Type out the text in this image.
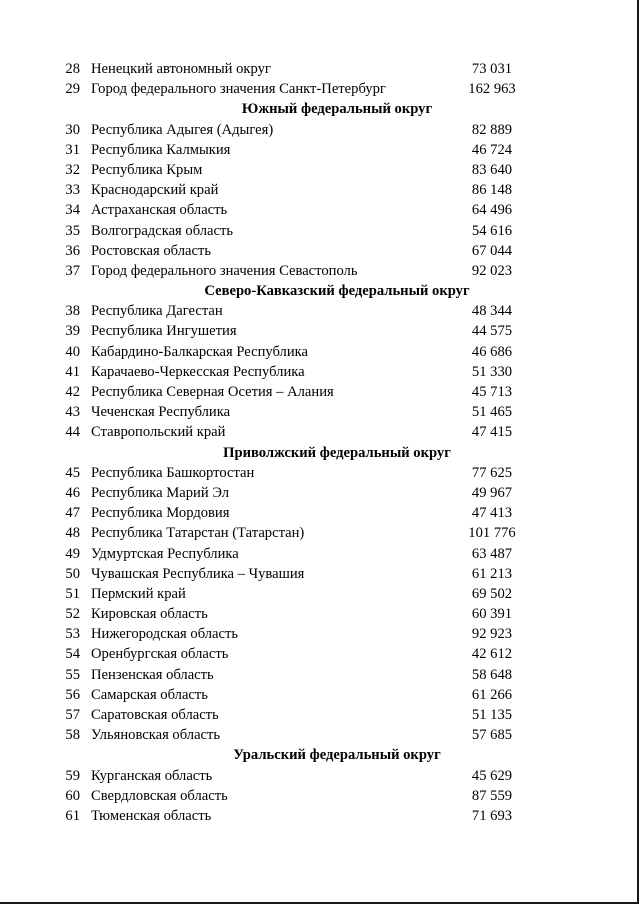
28 Ненецкий автономный округ	73 031
29 Город федерального значения Санкт-Петербург	162 963
Южный федеральный округ
30 Республика Адыгея (Адыгея)	82 889
31 Республика Калмыкия	46 724
32 Республика Крым	83 640
33 Краснодарский край	86 148
34 Астраханская область	64 496
35 Волгоградская область	54 616
36 Ростовская область	67 044
37 Город федерального значения Севастополь	92 023
Северо-Кавказский федеральный округ
38 Республика Дагестан	48 344
39 Республика Ингушетия	44 575
40 Кабардино-Балкарская Республика	46 686
41 Карачаево-Черкесская Республика	51 330
42 Республика Северная Осетия – Алания	45 713
43 Чеченская Республика	51 465
44 Ставропольский край	47 415
Приволжский федеральный округ
45 Республика Башкортостан	77 625
46 Республика Марий Эл	49 967
47 Республика Мордовия	47 413
48 Республика Татарстан (Татарстан)	101 776
49 Удмуртская Республика	63 487
50 Чувашская Республика – Чувашия	61 213
51 Пермский край	69 502
52 Кировская область	60 391
53 Нижегородская область	92 923
54 Оренбургская область	42 612
55 Пензенская область	58 648
56 Самарская область	61 266
57 Саратовская область	51 135
58 Ульяновская область	57 685
Уральский федеральный округ
59 Курганская область	45 629
60 Свердловская область	87 559
61 Тюменская область	71 693
